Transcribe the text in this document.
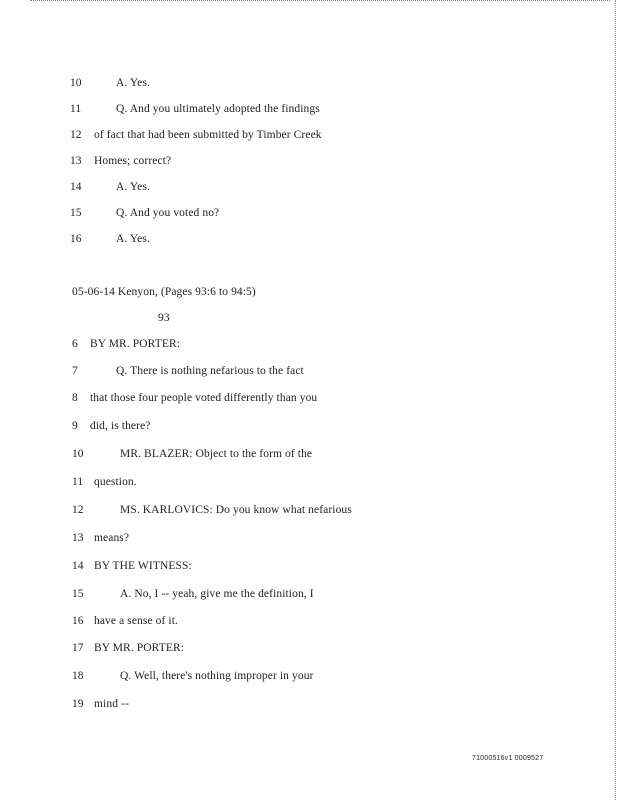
10	A. Yes.
11	Q. And you ultimately adopted the findings
12 of fact that had been submitted by Timber Creek
13 Homes; correct?
14	A. Yes.
15	Q. And you voted no?
16	A. Yes.
05-06-14 Kenyon, (Pages 93:6 to 94:5)
93
6 BY MR. PORTER:
7	Q. There is nothing nefarious to the fact
8 that those four people voted differently than you
9 did, is there?
10	MR. BLAZER: Object to the form of the
11 question.
12	MS. KARLOVICS: Do you know what nefarious
13 means?
14 BY THE WITNESS:
15	A. No, I -- yeah, give me the definition, I
16 have a sense of it.
17 BY MR. PORTER:
18	Q. Well, there's nothing improper in your
19 mind --
71000516v1 0009527
